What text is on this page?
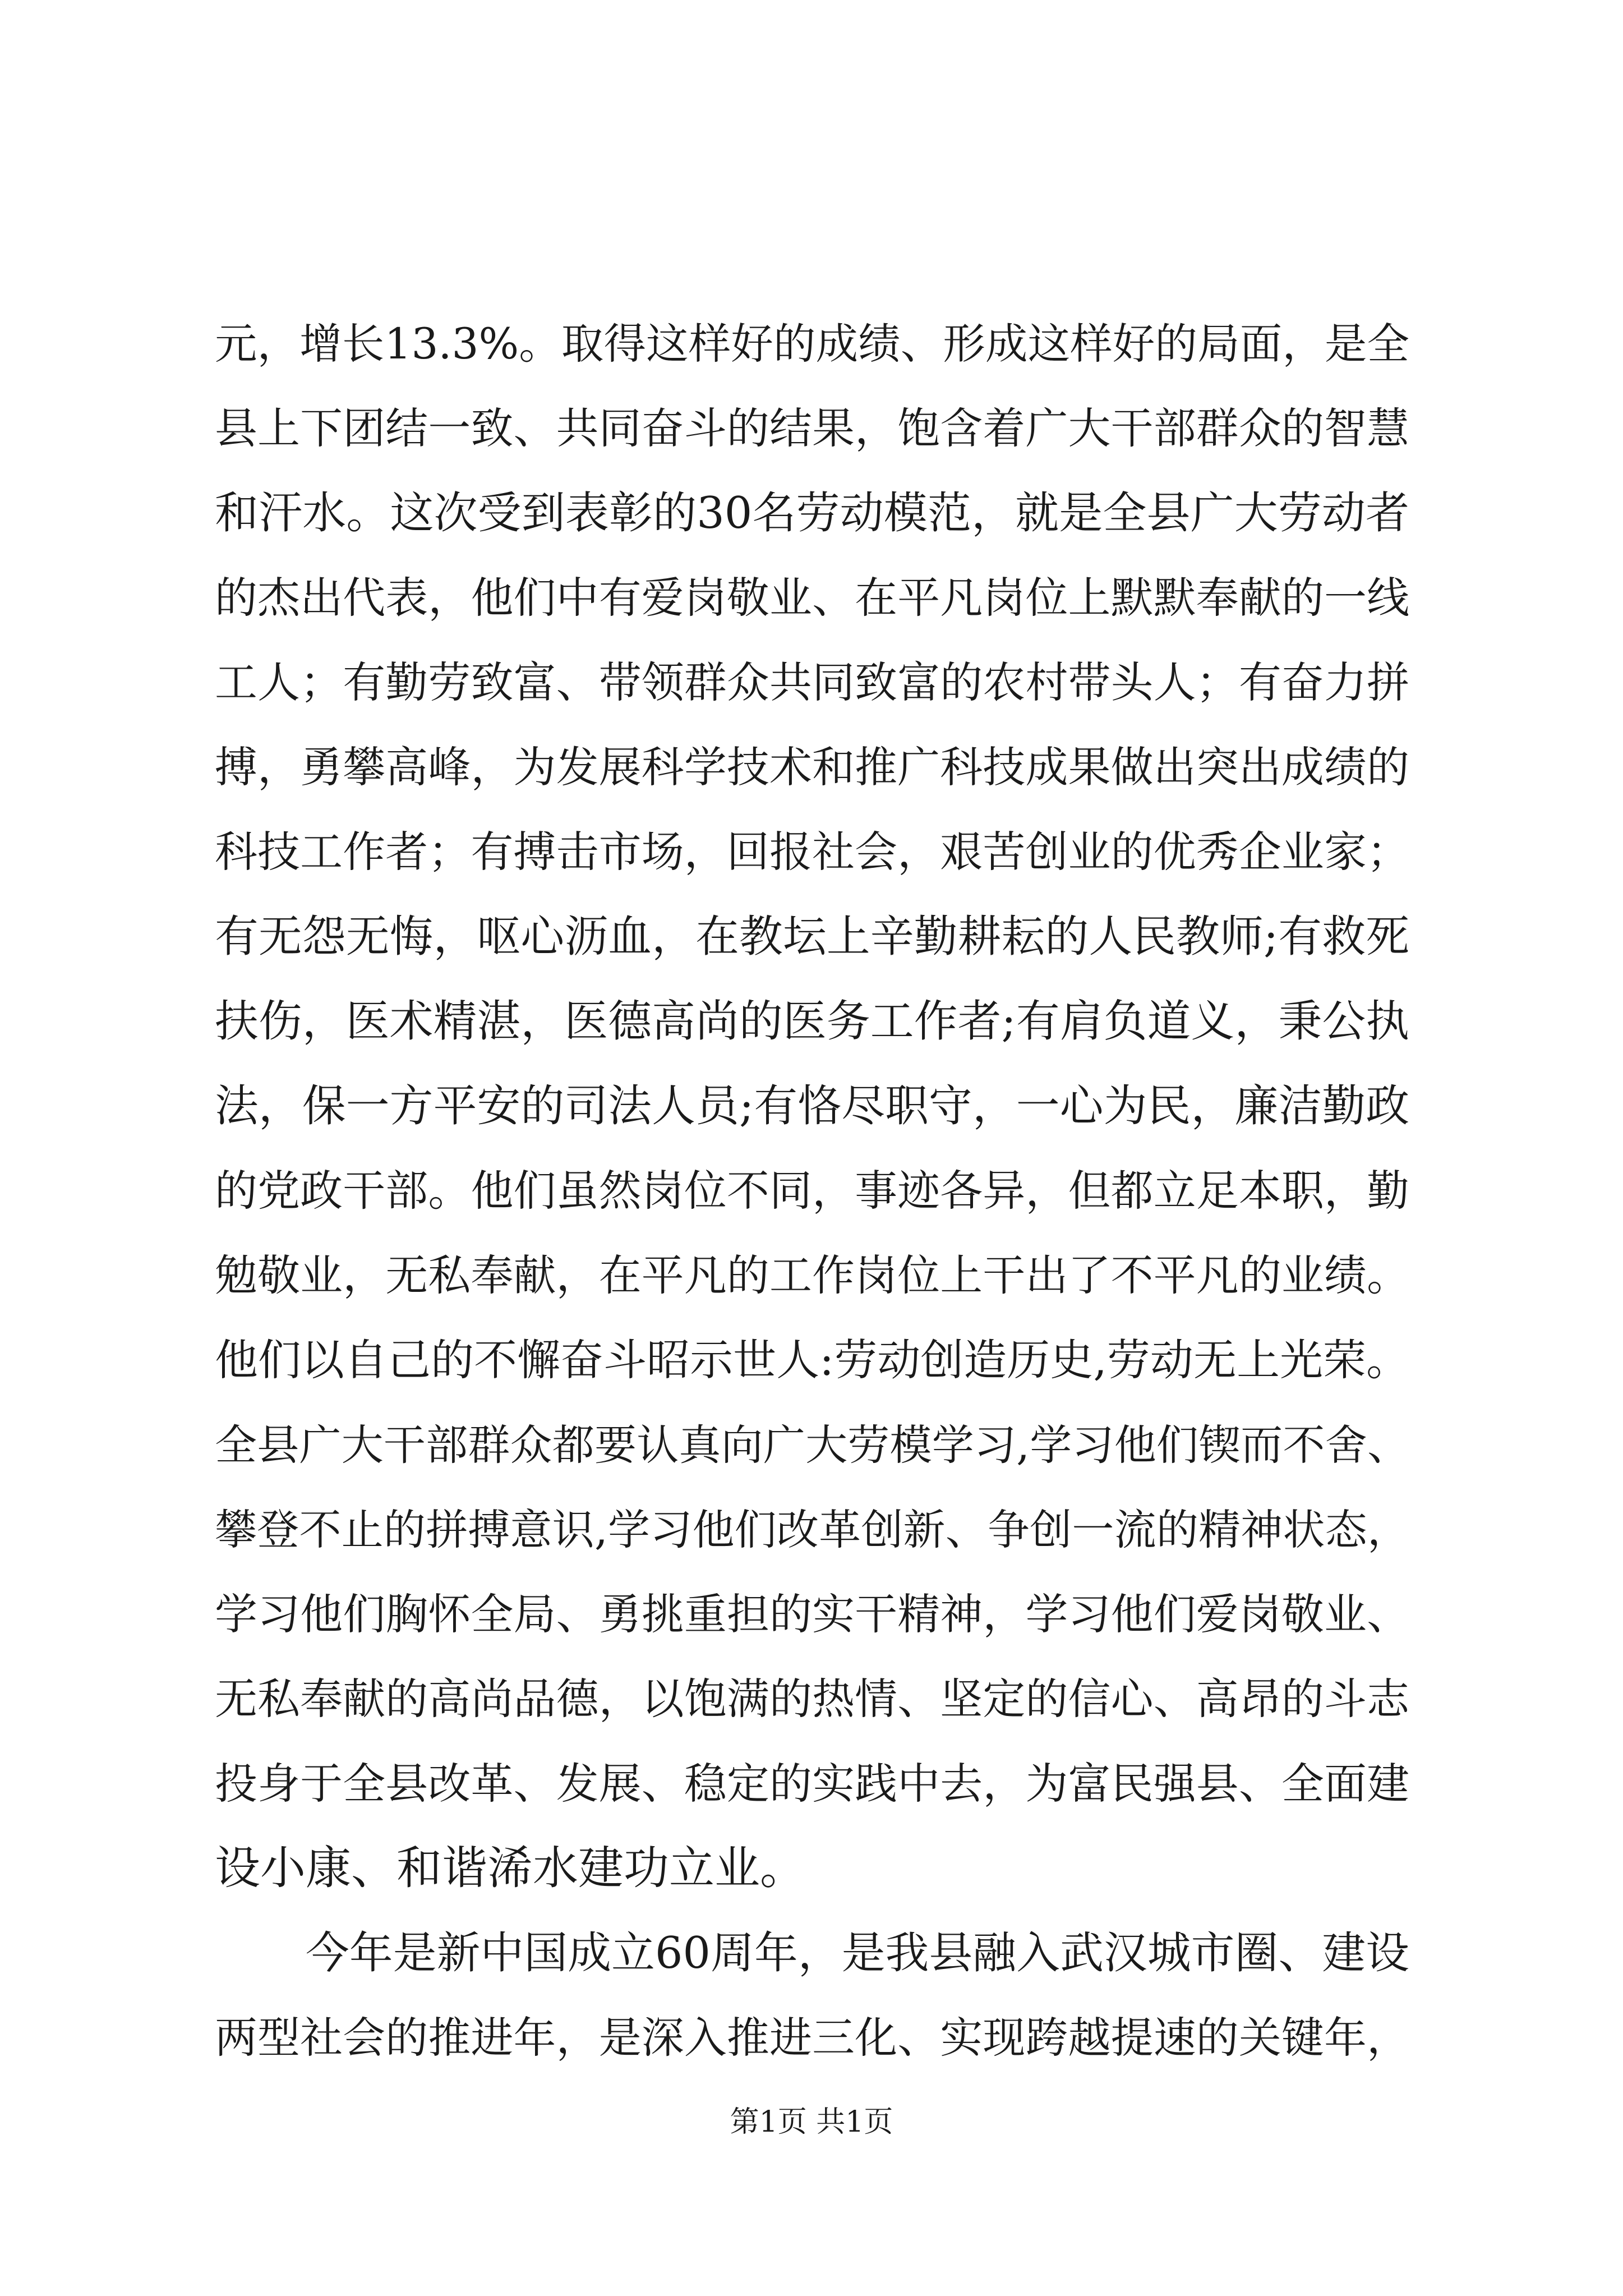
元，增长13.3%。取得这样好的成绩、形成这样好的局面，是全
县上下团结一致、共同奋斗的结果，饱含着广大干部群众的智慧
和汗水。这次受到表彰的30名劳动模范，就是全县广大劳动者
的杰出代表，他们中有爱岗敬业、在平凡岗位上默默奉献的一线
工人；有勤劳致富、带领群众共同致富的农村带头人；有奋力拼
搏，勇攀高峰，为发展科学技术和推广科技成果做出突出成绩的
科技工作者；有搏击市场，回报社会，艰苦创业的优秀企业家；
有无怨无悔，呕心沥血，在教坛上辛勤耕耘的人民教师;有救死
扶伤，医术精湛，医德高尚的医务工作者;有肩负道义，秉公执
法，保一方平安的司法人员;有恪尽职守，一心为民，廉洁勤政
的党政干部。他们虽然岗位不同，事迹各异，但都立足本职，勤
勉敬业，无私奉献，在平凡的工作岗位上干出了不平凡的业绩。
他们以自己的不懈奋斗昭示世人:劳动创造历史,劳动无上光荣。
全县广大干部群众都要认真向广大劳模学习,学习他们锲而不舍、
攀登不止的拼搏意识,学习他们改革创新、争创一流的精神状态，
学习他们胸怀全局、勇挑重担的实干精神，学习他们爱岗敬业、
无私奉献的高尚品德，以饱满的热情、坚定的信心、高昂的斗志
投身于全县改革、发展、稳定的实践中去，为富民强县、全面建
设小康、和谐浠水建功立业。
今年是新中国成立60周年，是我县融入武汉城市圈、建设
两型社会的推进年，是深入推进三化、实现跨越提速的关键年，
第1页 共1页
